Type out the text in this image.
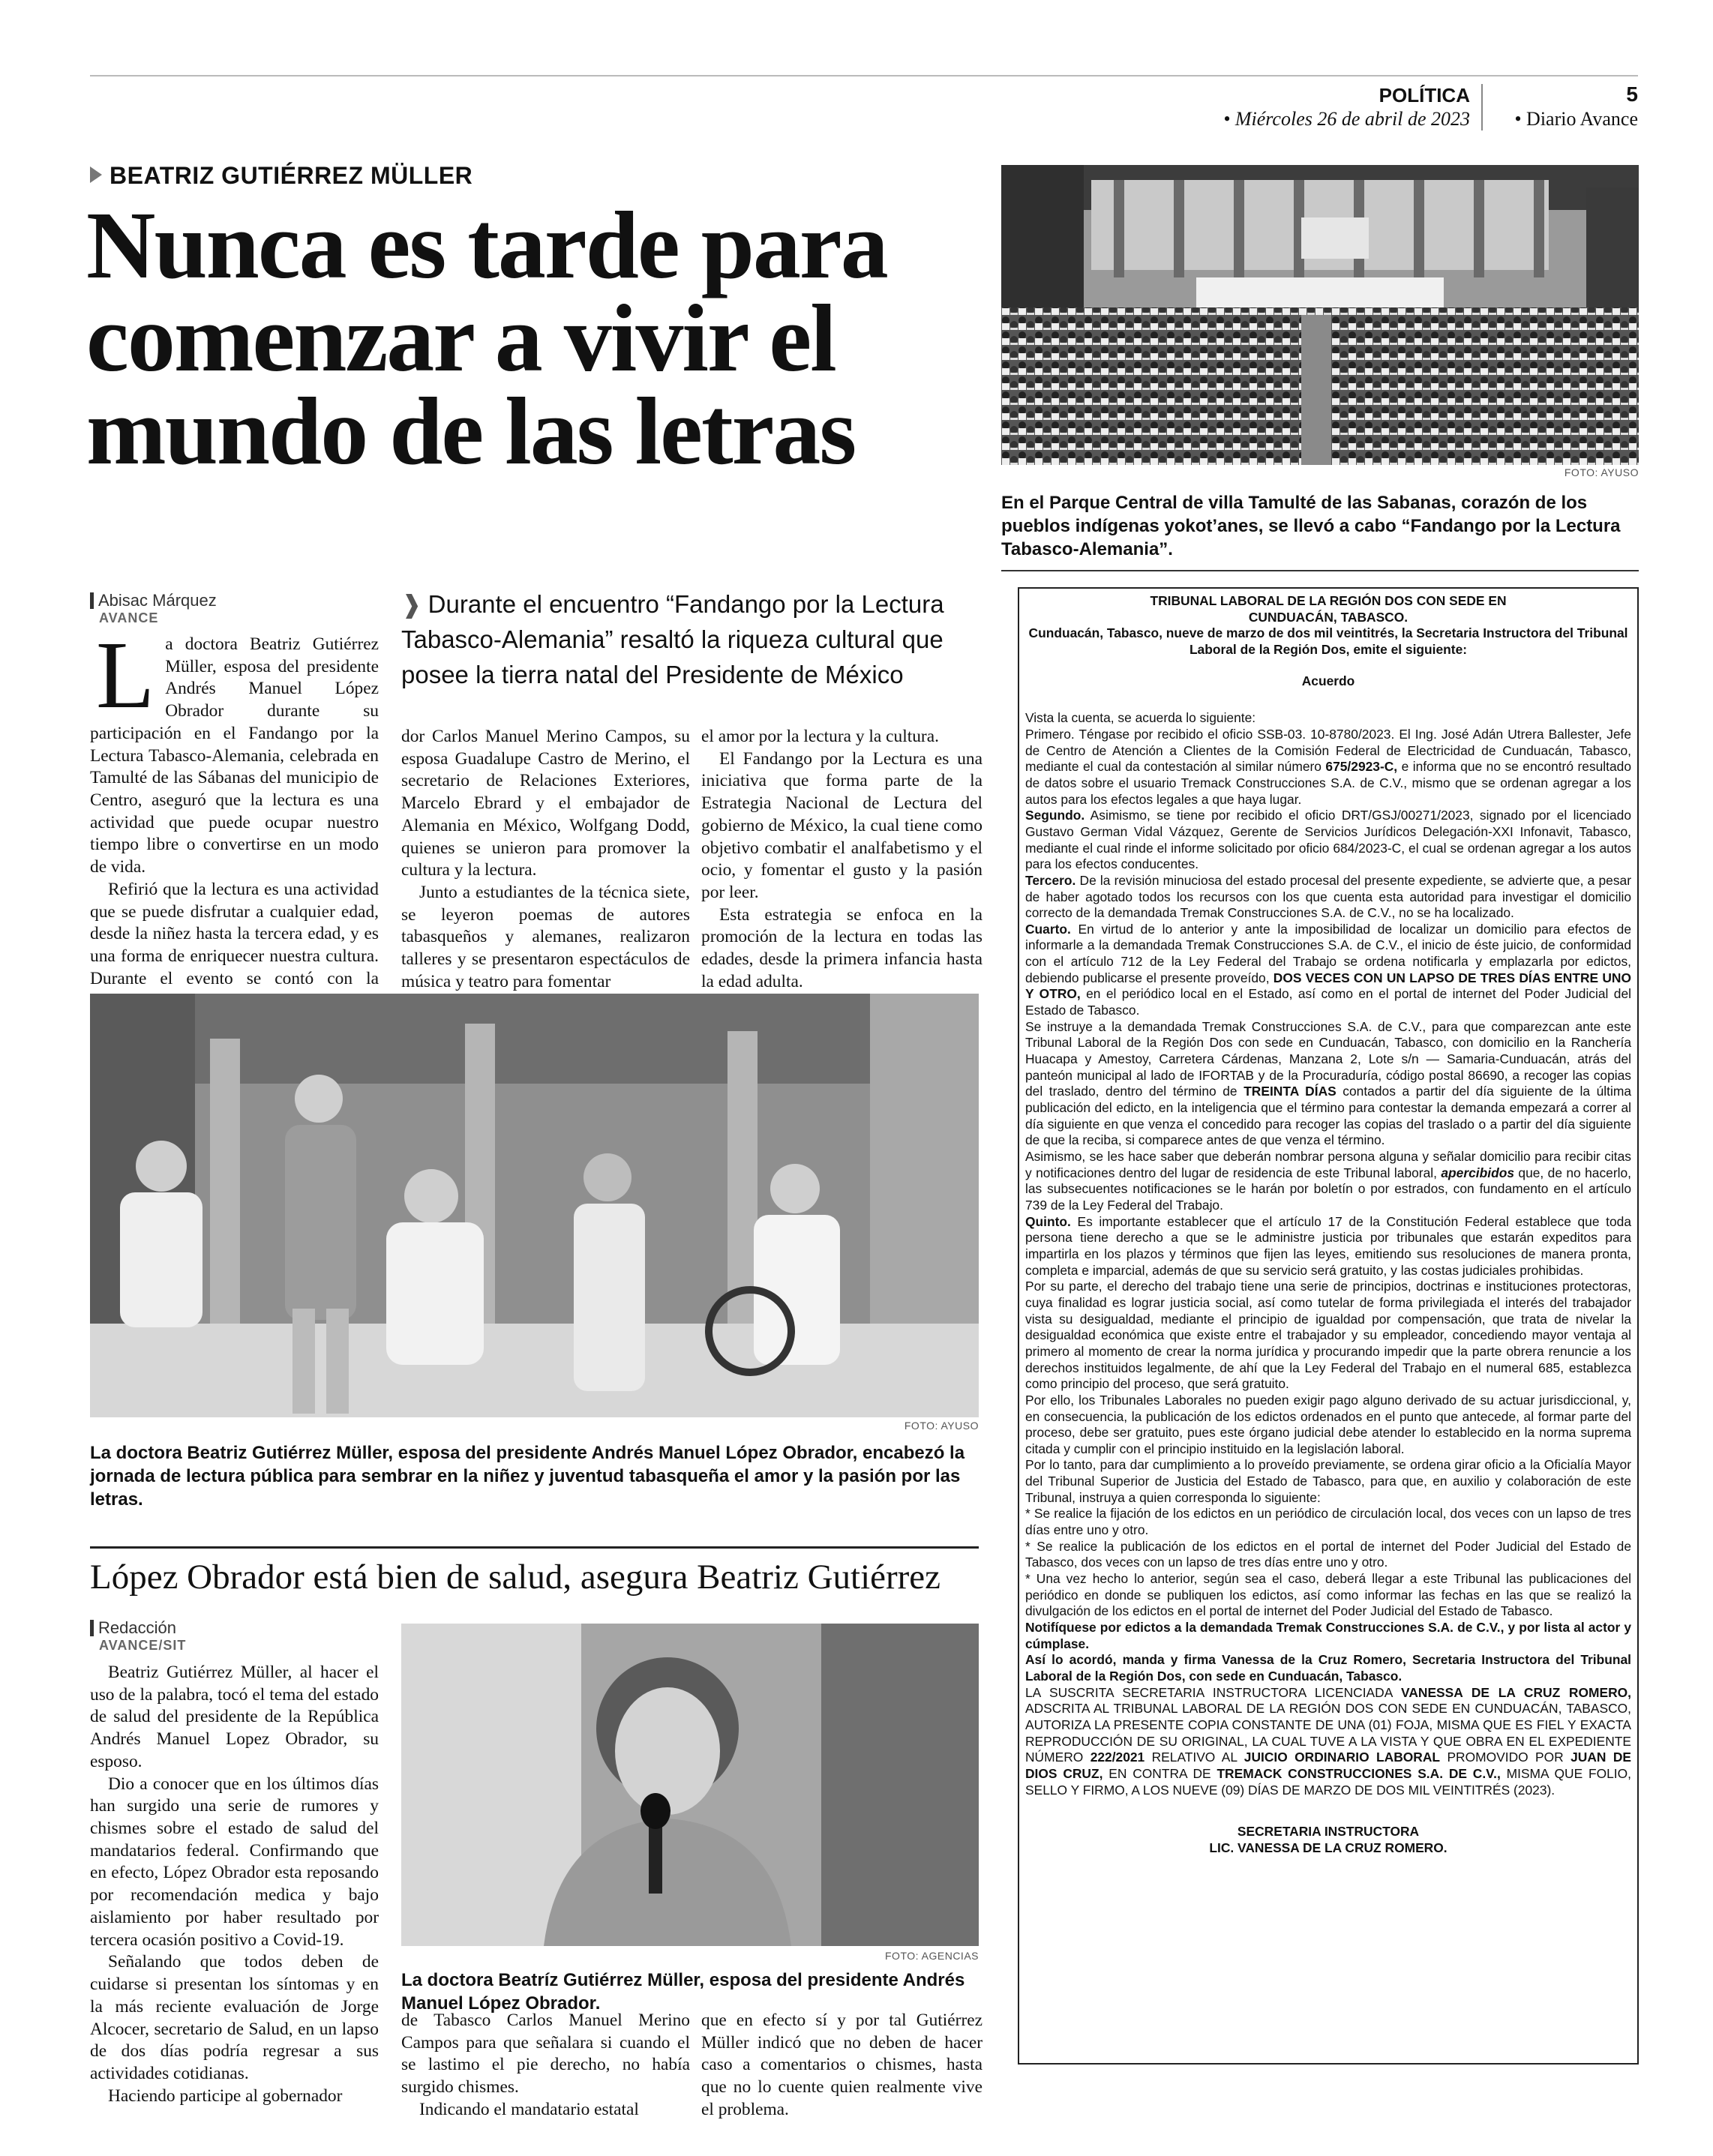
POLÍTICA
• Miércoles 26 de abril de 2023
5
• Diario Avance
BEATRIZ GUTIÉRREZ MÜLLER
Nunca es tarde para comenzar a vivir el mundo de las letras	FOTO: AYUSO
En el Parque Central de villa Tamulté de las Sabanas, corazón de los pueblos indígenas yokot’anes, se llevó a cabo “Fandango por la Lectura Tabasco-Alemania”.
Abisac Márquez
AVANCE	❱ Durante el encuentro “Fandango por la Lectura Tabasco-Alemania” resaltó la riqueza cultural que posee la tierra natal del Presidente de México

La doctora Beatriz Gutiérrez Müller, esposa del presidente Andrés Manuel López Obrador durante su participación en el Fandango por la Lectura Tabasco-Alemania, celebrada en Tamulté de las Sábanas del municipio de Centro, aseguró que la lectura es una actividad que puede ocupar nuestro tiempo libre o convertirse en un modo de vida.

Refirió que la lectura es una actividad que se puede disfrutar a cualquier edad, desde la niñez hasta la tercera edad, y es una forma de enriquecer nuestra cultura. Durante el evento se contó con la

dor Carlos Manuel Merino Campos, su esposa Guadalupe Castro de Merino, el secretario de Relaciones Exteriores, Marcelo Ebrard y el embajador de Alemania en México, Wolfgang Dodd, quienes se unieron para promover la cultura y la lectura.

Junto a estudiantes de la técnica siete, se leyeron poemas de autores tabasqueños y alemanes, realizaron talleres y se presentaron espectáculos de música y teatro para fomentar

el amor por la lectura y la cultura.

El Fandango por la Lectura es una iniciativa que forma parte de la Estrategia Nacional de Lectura del gobierno de México, la cual tiene como objetivo combatir el analfabetismo y el ocio, y fomentar el gusto y la pasión por leer.

Esta estrategia se enfoca en la promoción de la lectura en todas las edades, desde la primera infancia hasta la edad adulta.

FOTO: AYUSO
La doctora Beatriz Gutiérrez Müller, esposa del presidente Andrés Manuel López Obrador, encabezó la jornada de lectura pública para sembrar en la niñez y juventud tabasqueña el amor y la pasión por las letras.
López Obrador está bien de salud, asegura Beatriz Gutiérrez
Redacción
AVANCE/SIT

Beatriz Gutiérrez Müller, al hacer el uso de la palabra, tocó el tema del estado de salud del presidente de la República Andrés Manuel Lopez Obrador, su esposo.

Dio a conocer que en los últimos días han surgido una serie de rumores y chismes sobre el estado de salud del mandatarios federal. Confirmando que en efecto, López Obrador esta reposando por recomendación medica y bajo aislamiento por haber resultado por tercera ocasión positivo a Covid-19.

Señalando que todos deben de cuidarse si presentan los síntomas y en la más reciente evaluación de Jorge Alcocer, secretario de Salud, en un lapso de dos días podría regresar a sus actividades cotidianas.

Haciendo participe al gobernador

FOTO: AGENCIAS
La doctora Beatríz Gutiérrez Müller, esposa del presidente Andrés Manuel López Obrador.

de Tabasco Carlos Manuel Merino Campos para que señalara si cuando el se lastimo el pie derecho, no había surgido chismes.

Indicando el mandatario estatal

que en efecto sí y por tal Gutiérrez Müller indicó que no deben de hacer caso a comentarios o chismes, hasta que no lo cuente quien realmente vive el problema.

TRIBUNAL LABORAL DE LA REGIÓN DOS CON SEDE EN

CUNDUACÁN, TABASCO.

Cunduacán, Tabasco, nueve de marzo de dos mil veintitrés, la Secretaria Instructora del Tribunal Laboral de la Región Dos, emite el siguiente:

Acuerdo

Vista la cuenta, se acuerda lo siguiente:

Primero. Téngase por recibido el oficio SSB-03. 10-8780/2023. El Ing. José Adán Utrera Ballester, Jefe de Centro de Atención a Clientes de la Comisión Federal de Electricidad de Cunduacán, Tabasco, mediante el cual da contestación al similar número 675/2923-C, e informa que no se encontró resultado de datos sobre el usuario Tremack Construcciones S.A. de C.V., mismo que se ordenan agregar a los autos para los efectos legales a que haya lugar.

Segundo. Asimismo, se tiene por recibido el oficio DRT/GSJ/00271/2023, signado por el licenciado Gustavo German Vidal Vázquez, Gerente de Servicios Jurídicos Delegación-XXI Infonavit, Tabasco, mediante el cual rinde el informe solicitado por oficio 684/2023-C, el cual se ordenan agregar a los autos para los efectos conducentes.

Tercero. De la revisión minuciosa del estado procesal del presente expediente, se advierte que, a pesar de haber agotado todos los recursos con los que cuenta esta autoridad para investigar el domicilio correcto de la demandada Tremak Construcciones S.A. de C.V., no se ha localizado.

Cuarto. En virtud de lo anterior y ante la imposibilidad de localizar un domicilio para efectos de informarle a la demandada Tremak Construcciones S.A. de C.V., el inicio de éste juicio, de conformidad con el artículo 712 de la Ley Federal del Trabajo se ordena notificarla y emplazarla por edictos, debiendo publicarse el presente proveído, DOS VECES CON UN LAPSO DE TRES DÍAS ENTRE UNO Y OTRO, en el periódico local en el Estado, así como en el portal de internet del Poder Judicial del Estado de Tabasco.

Se instruye a la demandada Tremak Construcciones S.A. de C.V., para que comparezcan ante este Tribunal Laboral de la Región Dos con sede en Cunduacán, Tabasco, con domicilio en la Ranchería Huacapa y Amestoy, Carretera Cárdenas, Manzana 2, Lote s/n — Samaria-Cunduacán, atrás del panteón municipal al lado de IFORTAB y de la Procuraduría, código postal 86690, a recoger las copias del traslado, dentro del término de TREINTA DÍAS contados a partir del día siguiente de la última publicación del edicto, en la inteligencia que el término para contestar la demanda empezará a correr al día siguiente en que venza el concedido para recoger las copias del traslado o a partir del día siguiente de que la reciba, si comparece antes de que venza el término.

Asimismo, se les hace saber que deberán nombrar persona alguna y señalar domicilio para recibir citas y notificaciones dentro del lugar de residencia de este Tribunal laboral, apercibidos que, de no hacerlo, las subsecuentes notificaciones se le harán por boletín o por estrados, con fundamento en el artículo 739 de la Ley Federal del Trabajo.

Quinto. Es importante establecer que el artículo 17 de la Constitución Federal establece que toda persona tiene derecho a que se le administre justicia por tribunales que estarán expeditos para impartirla en los plazos y términos que fijen las leyes, emitiendo sus resoluciones de manera pronta, completa e imparcial, además de que su servicio será gratuito, y las costas judiciales prohibidas.

Por su parte, el derecho del trabajo tiene una serie de principios, doctrinas e instituciones protectoras, cuya finalidad es lograr justicia social, así como tutelar de forma privilegiada el interés del trabajador vista su desigualdad, mediante el principio de igualdad por compensación, que trata de nivelar la desigualdad económica que existe entre el trabajador y su empleador, concediendo mayor ventaja al primero al momento de crear la norma jurídica y procurando impedir que la parte obrera renuncie a los derechos instituidos legalmente, de ahí que la Ley Federal del Trabajo en el numeral 685, establezca como principio del proceso, que será gratuito.

Por ello, los Tribunales Laborales no pueden exigir pago alguno derivado de su actuar jurisdiccional, y, en consecuencia, la publicación de los edictos ordenados en el punto que antecede, al formar parte del proceso, debe ser gratuito, pues este órgano judicial debe atender lo establecido en la norma suprema citada y cumplir con el principio instituido en la legislación laboral.

Por lo tanto, para dar cumplimiento a lo proveído previamente, se ordena girar oficio a la Oficialía Mayor del Tribunal Superior de Justicia del Estado de Tabasco, para que, en auxilio y colaboración de este Tribunal, instruya a quien corresponda lo siguiente:

* Se realice la fijación de los edictos en un periódico de circulación local, dos veces con un lapso de tres días entre uno y otro.

* Se realice la publicación de los edictos en el portal de internet del Poder Judicial del Estado de Tabasco, dos veces con un lapso de tres días entre uno y otro.

* Una vez hecho lo anterior, según sea el caso, deberá llegar a este Tribunal las publicaciones del periódico en donde se publiquen los edictos, así como informar las fechas en las que se realizó la divulgación de los edictos en el portal de internet del Poder Judicial del Estado de Tabasco.

Notifíquese por edictos a la demandada Tremak Construcciones S.A. de C.V., y por lista al actor y cúmplase.

Así lo acordó, manda y firma Vanessa de la Cruz Romero, Secretaria Instructora del Tribunal Laboral de la Región Dos, con sede en Cunduacán, Tabasco.

LA SUSCRITA SECRETARIA INSTRUCTORA LICENCIADA VANESSA DE LA CRUZ ROMERO, ADSCRITA AL TRIBUNAL LABORAL DE LA REGIÓN DOS CON SEDE EN CUNDUACÁN, TABASCO, AUTORIZA LA PRESENTE COPIA CONSTANTE DE UNA (01) FOJA, MISMA QUE ES FIEL Y EXACTA REPRODUCCIÓN DE SU ORIGINAL, LA CUAL TUVE A LA VISTA Y QUE OBRA EN EL EXPEDIENTE NÚMERO 222/2021 RELATIVO AL JUICIO ORDINARIO LABORAL PROMOVIDO POR JUAN DE DIOS CRUZ, EN CONTRA DE TREMACK CONSTRUCCIONES S.A. DE C.V., MISMA QUE FOLIO, SELLO Y FIRMO, A LOS NUEVE (09) DÍAS DE MARZO DE DOS MIL VEINTITRÉS (2023).

SECRETARIA INSTRUCTORA

LIC. VANESSA DE LA CRUZ ROMERO.
